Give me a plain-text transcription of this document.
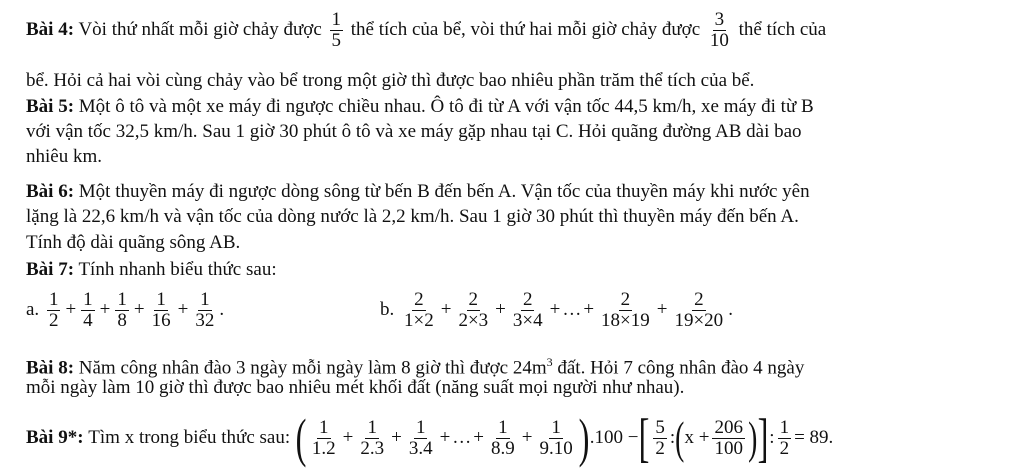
Bài 4: Vòi thứ nhất mỗi giờ chảy được $\frac{1}{5}$ thể tích của bể, vòi thứ hai mỗi giờ chảy được $\frac{3}{10}$ thể tích của
bể. Hỏi cả hai vòi cùng chảy vào bể trong một giờ thì được bao nhiêu phần trăm thể tích của bể.
Bài 5: Một ô tô và một xe máy đi ngược chiều nhau. Ô tô đi từ A với vận tốc 44,5 km/h, xe máy đi từ B
với vận tốc 32,5 km/h. Sau 1 giờ 30 phút ô tô và xe máy gặp nhau tại C. Hỏi quãng đường AB dài bao
nhiêu km.
Bài 6: Một thuyền máy đi ngược dòng sông từ bến B đến bến A. Vận tốc của thuyền máy khi nước yên
lặng là 22,6 km/h và vận tốc của dòng nước là 2,2 km/h. Sau 1 giờ 30 phút thì thuyền máy đến bến A.
Tính độ dài quãng sông AB.
Bài 7: Tính nhanh biểu thức sau:
a. $\frac{1}{2} + \frac{1}{4} + \frac{1}{8} + \frac{1}{16} + \frac{1}{32}$ .	b. $\frac{2}{1\times 2} + \frac{2}{2\times 3} + \frac{2}{3\times 4}$ + … + $\frac{2}{18\times 19} + \frac{2}{19\times 20}$ .
Bài 8: Năm công nhân đào 3 ngày mỗi ngày làm 8 giờ thì được $24m^3$ đất. Hỏi 7 công nhân đào 4 ngày
mỗi ngày làm 10 giờ thì được bao nhiêu mét khối đất (năng suất mọi người như nhau).
Bài 9*:
Tìm x trong biểu thức sau:
( $\frac{1}{1.2} + \frac{1}{2.3} + \frac{1}{3.4}$ + … + $\frac{1}{8.9} + \frac{1}{9.10}$ ) .100 − [ $\frac{5}{2}$ : ( $x + \frac{206}{100}$ ) ] : $\frac{1}{2} = 89$.
